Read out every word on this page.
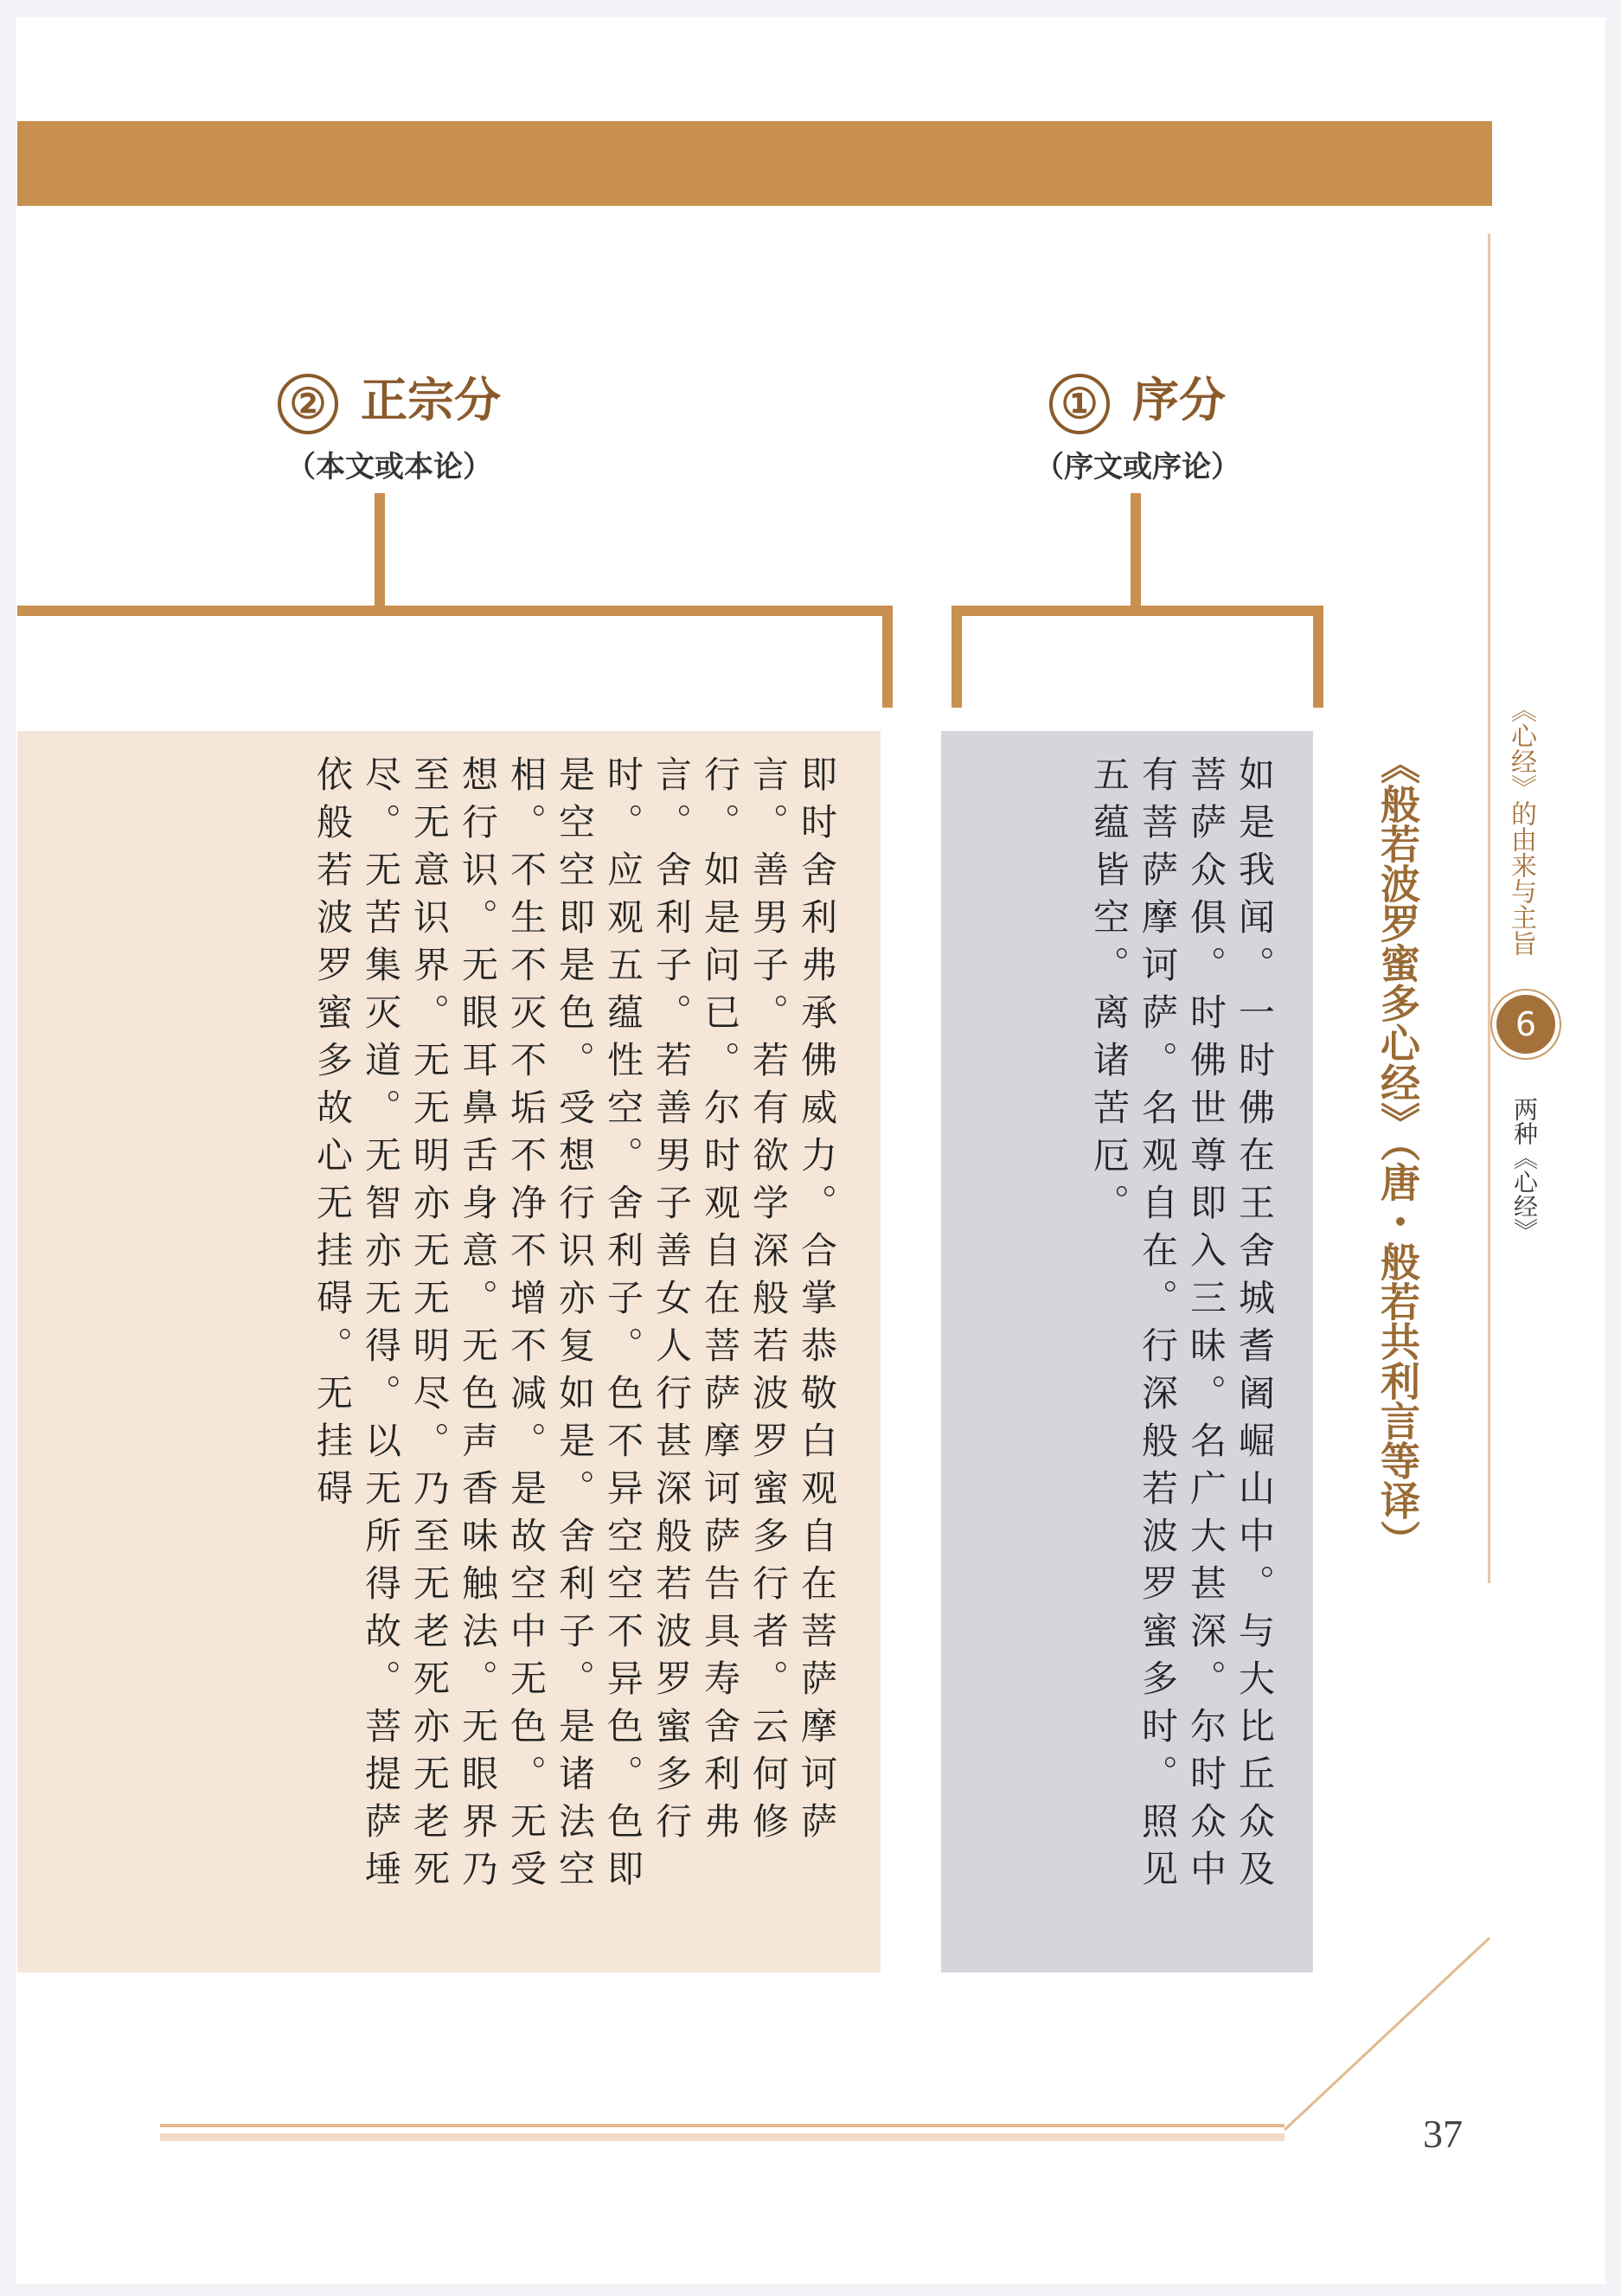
② 正宗分
（本文或本论）
① 序分
（序文或序论）
即时舍利弗承佛威力。合掌恭敬白观自在菩萨摩诃萨言。善男子。若有欲学深般若波罗蜜多行者。云何修行。如是问已。尔时观自在菩萨摩诃萨告具寿舍利弗言。舍利子。若善男子善女人行甚深般若波罗蜜多行时。应观五蕴性空。舍利子。色不异空空不异色。色即是空空即是色。受想行识亦复如是。舍利子。是诸法空相。不生不灭不垢不净不增不减。是故空中无色。无受想行识。无眼耳鼻舌身意。无色声香味触法。无眼界乃至无意识界。无无明亦无无明尽。乃至无老死亦无老死尽。无苦集灭道。无智亦无得。以无所得故。菩提萨埵依般若波罗蜜多故心无挂碍。无挂碍	如是我闻。一时佛在王舍城耆阇崛山中。与大比丘众及菩萨众俱。时佛世尊即入三昧。名广大甚深。尔时众中有菩萨摩诃萨。名观自在。行深般若波罗蜜多时。照见五蕴皆空。离诸苦厄。	《般若波罗蜜多心经》（唐・般若共利言等译）	《心经》的由来与主旨
6
两种《心经》
37
